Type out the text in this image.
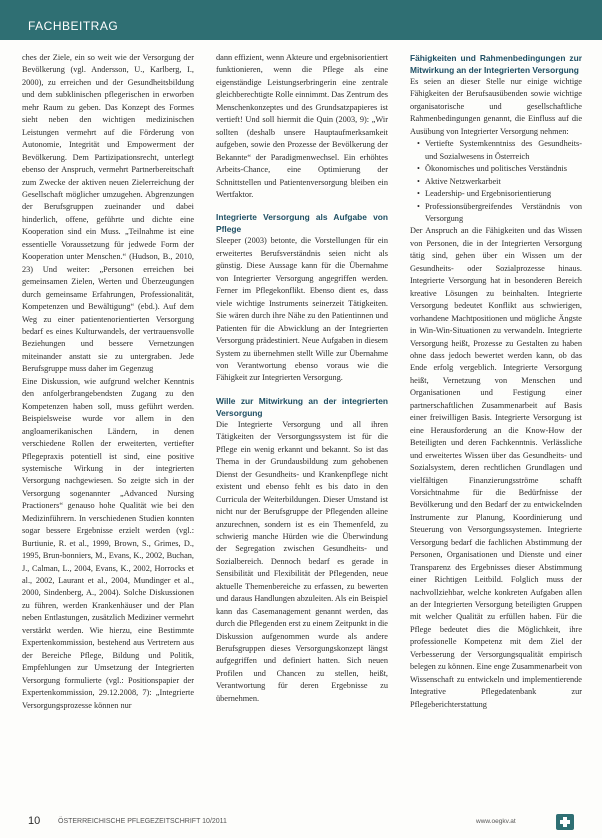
FACHBEITRAG

ches der Ziele, ein so weit wie der Versorgung der Bevölkerung (vgl. Andersson, U., Karlberg, I., 2000), zu erreichen und der Gesundheitsbildung und dem subklinischen pflegerischen in erworben mehr Raum zu geben. Das Konzept des Formes sieht neben den wichtigen medizinischen Leistungen vermehrt auf die Förderung von Autonomie, Integrität und Empowerment der Bevölkerung. Dem Partizipationsrecht, unterlegt ebenso der Anspruch, vermehrt Partnerbereitschaft zum Zwecke der aktiven neuen Zielerreichung der Gesellschaft möglicher umzugehen. Abgrenzungen der Berufsgruppen zueinander und dabei hinderlich, offene, geführte und dichte eine Kooperation sind ein Muss. „Teilnahme ist eine essentielle Voraussetzung für jedwede Form der Kooperation unter Menschen.“ (Hudson, B., 2010, 23) Und weiter: „Personen erreichen bei gemeinsamen Zielen, Werten und Überzeugungen durch gemeinsame Erfahrungen, Professionalität, Kompetenzen und Bewältigung“ (ebd.). Auf dem Weg zu einer patientenorientierten Versorgung bedarf es eines Kulturwandels, der vertrauensvolle Beziehungen und bessere Vernetzungen miteinander anstatt sie zu untergraben. Jede Berufsgruppe muss daher im Gegenzug

Eine Diskussion, wie aufgrund welcher Kenntnis den anfolgerbrangebendsten Zugang zu den Kompetenzen haben soll, muss geführt werden. Beispielsweise wurde vor allem in den angloamerikanischen Ländern, in denen verschiedene Rollen der erweiterten, vertiefter Pflegepraxis potentiell ist sind, eine positive systemische Wirkung in der integrierten Versorgung nachgewiesen. So zeigte sich in der Versorgung sogenannter „Advanced Nursing Practioners“ genauso hohe Qualität wie bei den Medizinführern. In verschiedenen Studien konnten sogar bessere Ergebnisse erzielt werden (vgl.: Burtiunie, R. et al., 1999, Brown, S., Grimes, D., 1995, Brun-bonniers, M., Evans, K., 2002, Buchan, J., Calman, L., 2004, Evans, K., 2002, Horrocks et al., 2002, Laurant et al., 2004, Mundinger et al., 2000, Sindenberg, A., 2004). Solche Diskussionen zu führen, werden Krankenhäuser und der Plan neben Entlastungen, zusätzlich Mediziner vermehrt verstärkt werden. Wie hierzu, eine Bestimmte Expertenkommission, bestehend aus Vertretern aus der Bereiche Pflege, Bildung und Politik, Empfehlungen zur Umsetzung der Integrierten Versorgung formulierte (vgl.: Positionspapier der Expertenkommission, 29.12.2008, 7): „Integrierte Versorgungsprozesse können nur

dann effizient, wenn Akteure und ergebnisorientiert funktionieren, wenn die Pflege als eine eigenständige Leistungserbringerin eine zentrale gleichberechtigte Rolle einnimmt. Das Zentrum des Menschenkonzeptes und des Grundsatzpapieres ist vertieft! Und soll hiermit die Quin (2003, 9): „Wir sollten (deshalb unsere Hauptaufmerksamkeit aufgeben, sowie den Prozesse der Bevölkerung der Bekannte“ der Paradigmenwechsel. Ein erhöhtes Arbeits-Chance, eine Optimierung der Schnittstellen und Patientenversorgung bleiben ein Wertfaktor.

Integrierte Versorgung als Aufgabe von Pflege

Sleeper (2003) betonte, die Vorstellungen für ein erweitertes Berufsverständnis seien nicht als günstig. Diese Aussage kann für die Übernahme von Integrierter Versorgung angegriffen werden. Ferner im Pflegekonflikt. Ebenso dient es, dass viele wichtige Instruments seinerzeit Tätigkeiten. Sie wären durch ihre Nähe zu den Patientinnen und Patienten für die Abwicklung an der Integrierten Versorgung prädestiniert. Neue Aufgaben in diesem System zu übernehmen stellt Wille zur Übernahme von Verantwortung ebenso voraus wie die Fähigkeit zur Integrierten Versorgung.

Wille zur Mitwirkung an der integrierten Versorgung

Die Integrierte Versorgung und all ihren Tätigkeiten der Versorgungssystem ist für die Pflege ein wenig erkannt und bekannt. So ist das Thema in der Grundausbildung zum gehobenen Dienst der Gesundheits- und Krankenpflege nicht existent und ebenso fehlt es bis dato in den Curricula der Weiterbildungen. Dieser Umstand ist nicht nur der Berufsgruppe der Pflegenden alleine anzurechnen, sondern ist es ein Themenfeld, zu schwierig manche Hürden wie die Überwindung der Segregation zwischen Gesundheits- und Sozialbereich. Dennoch bedarf es gerade in Sensibilität und Flexibilität der Pflegenden, neue aktuelle Themenbereiche zu erfassen, zu bewerten und daraus Handlungen abzuleiten. Als ein Beispiel kann das Casemanagement genannt werden, das durch die Pflegenden erst zu einem Zeitpunkt in die Diskussion aufgenommen wurde als andere Berufsgruppen dieses Versorgungskonzept längst aufgegriffen und definiert hatten. Sich neuen Profilen und Chancen zu stellen, heißt, Verantwortung für deren Ergebnisse zu übernehmen.

Fähigkeiten und Rahmenbedingungen zur Mitwirkung an der Integrierten Versorgung

Es seien an dieser Stelle nur einige wichtige Fähigkeiten der Berufsausübenden sowie wichtige organisatorische und gesellschaftliche Rahmenbedingungen genannt, die Einfluss auf die Ausübung von Integrierter Versorgung nehmen:

• Vertiefte Systemkenntniss des Gesundheits- und Sozialwesens in Österreich
• Ökonomisches und politisches Verständnis
• Aktive Netzwerkarbeit
• Leadership- und Ergebnisorientierung
• Professionsübergreifendes Verständnis von Versorgung

Der Anspruch an die Fähigkeiten und das Wissen von Personen, die in der Integrierten Versorgung tätig sind, gehen über ein Wissen um der Gesundheits- oder Sozialprozesse hinaus. Integrierte Versorgung hat in besonderen Bereich kreative Lösungen zu beinhalten. Integrierte Versorgung bedeutet Konflikt aus schwierigen, vorhandene Machtpositionen und mögliche Ängste in Win-Win-Situationen zu verwandeln. Integrierte Versorgung heißt, Prozesse zu Gestalten zu haben ohne dass jedoch bewertet werden kann, ob das Ende erfolg vergeblich. Integrierte Versorgung heißt, Vernetzung von Menschen und Organisationen und Festigung einer partnerschaftlichen Zusammenarbeit auf Basis einer freiwilligen Basis. Integrierte Versorgung ist eine Herausforderung an die Know-How der Beteiligten und deren Fachkenntnis. Verlässliche und erweitertes Wissen über das Gesundheits- und Sozialsystem, deren rechtlichen Grundlagen und vielfältigen Finanzierungsströme schafft Vorsichtnahme für die Bedürfnisse der Bevölkerung und den Bedarf der zu entwickelnden Instrumente zur Planung, Koordinierung und Steuerung von Versorgungssystemen. Integrierte Versorgung bedarf die fachlichen Abstimmung der Personen, Organisationen und Dienste und einer Transparenz des Ergebnisses dieser Abstimmung einer Richtigen Leitbild. Folglich muss der nachvollziehbar, welche konkreten Aufgaben allen an der Integrierten Versorgung beteiligten Gruppen mit welcher Qualität zu erfüllen haben. Für die Pflege bedeutet dies die Möglichkeit, ihre professionelle Kompetenz mit dem Ziel der Verbesserung der Versorgungsqualität empirisch belegen zu können. Eine enge Zusammenarbeit von Wissenschaft zu entwickeln und implementierende Integrative Pflegedatenbank zur Pflegeberichterstattung

10	ÖSTERREICHISCHE PFLEGEZEITSCHRIFT 10/2011	www.oegkv.at
